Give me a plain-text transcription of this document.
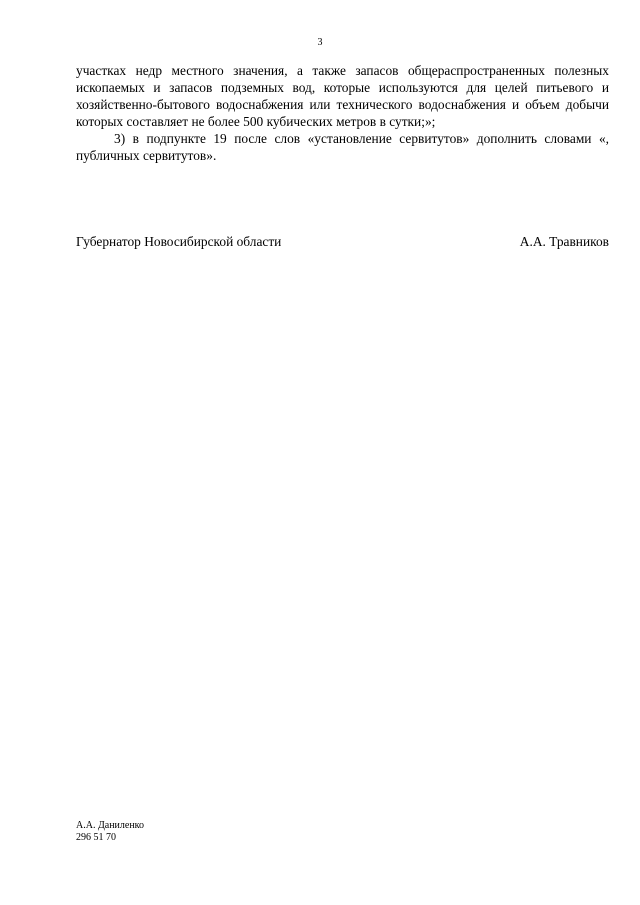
3

участках недр местного значения, а также запасов общераспространенных полезных ископаемых и запасов подземных вод, которые используются для целей питьевого и хозяйственно-бытового водоснабжения или технического водоснабжения и объем добычи которых составляет не более 500 кубических метров в сутки;»;

3) в подпункте 19 после слов «установление сервитутов» дополнить словами «, публичных сервитутов».

Губернатор Новосибирской области	А.А. Травников
А.А. Даниленко
296 51 70
